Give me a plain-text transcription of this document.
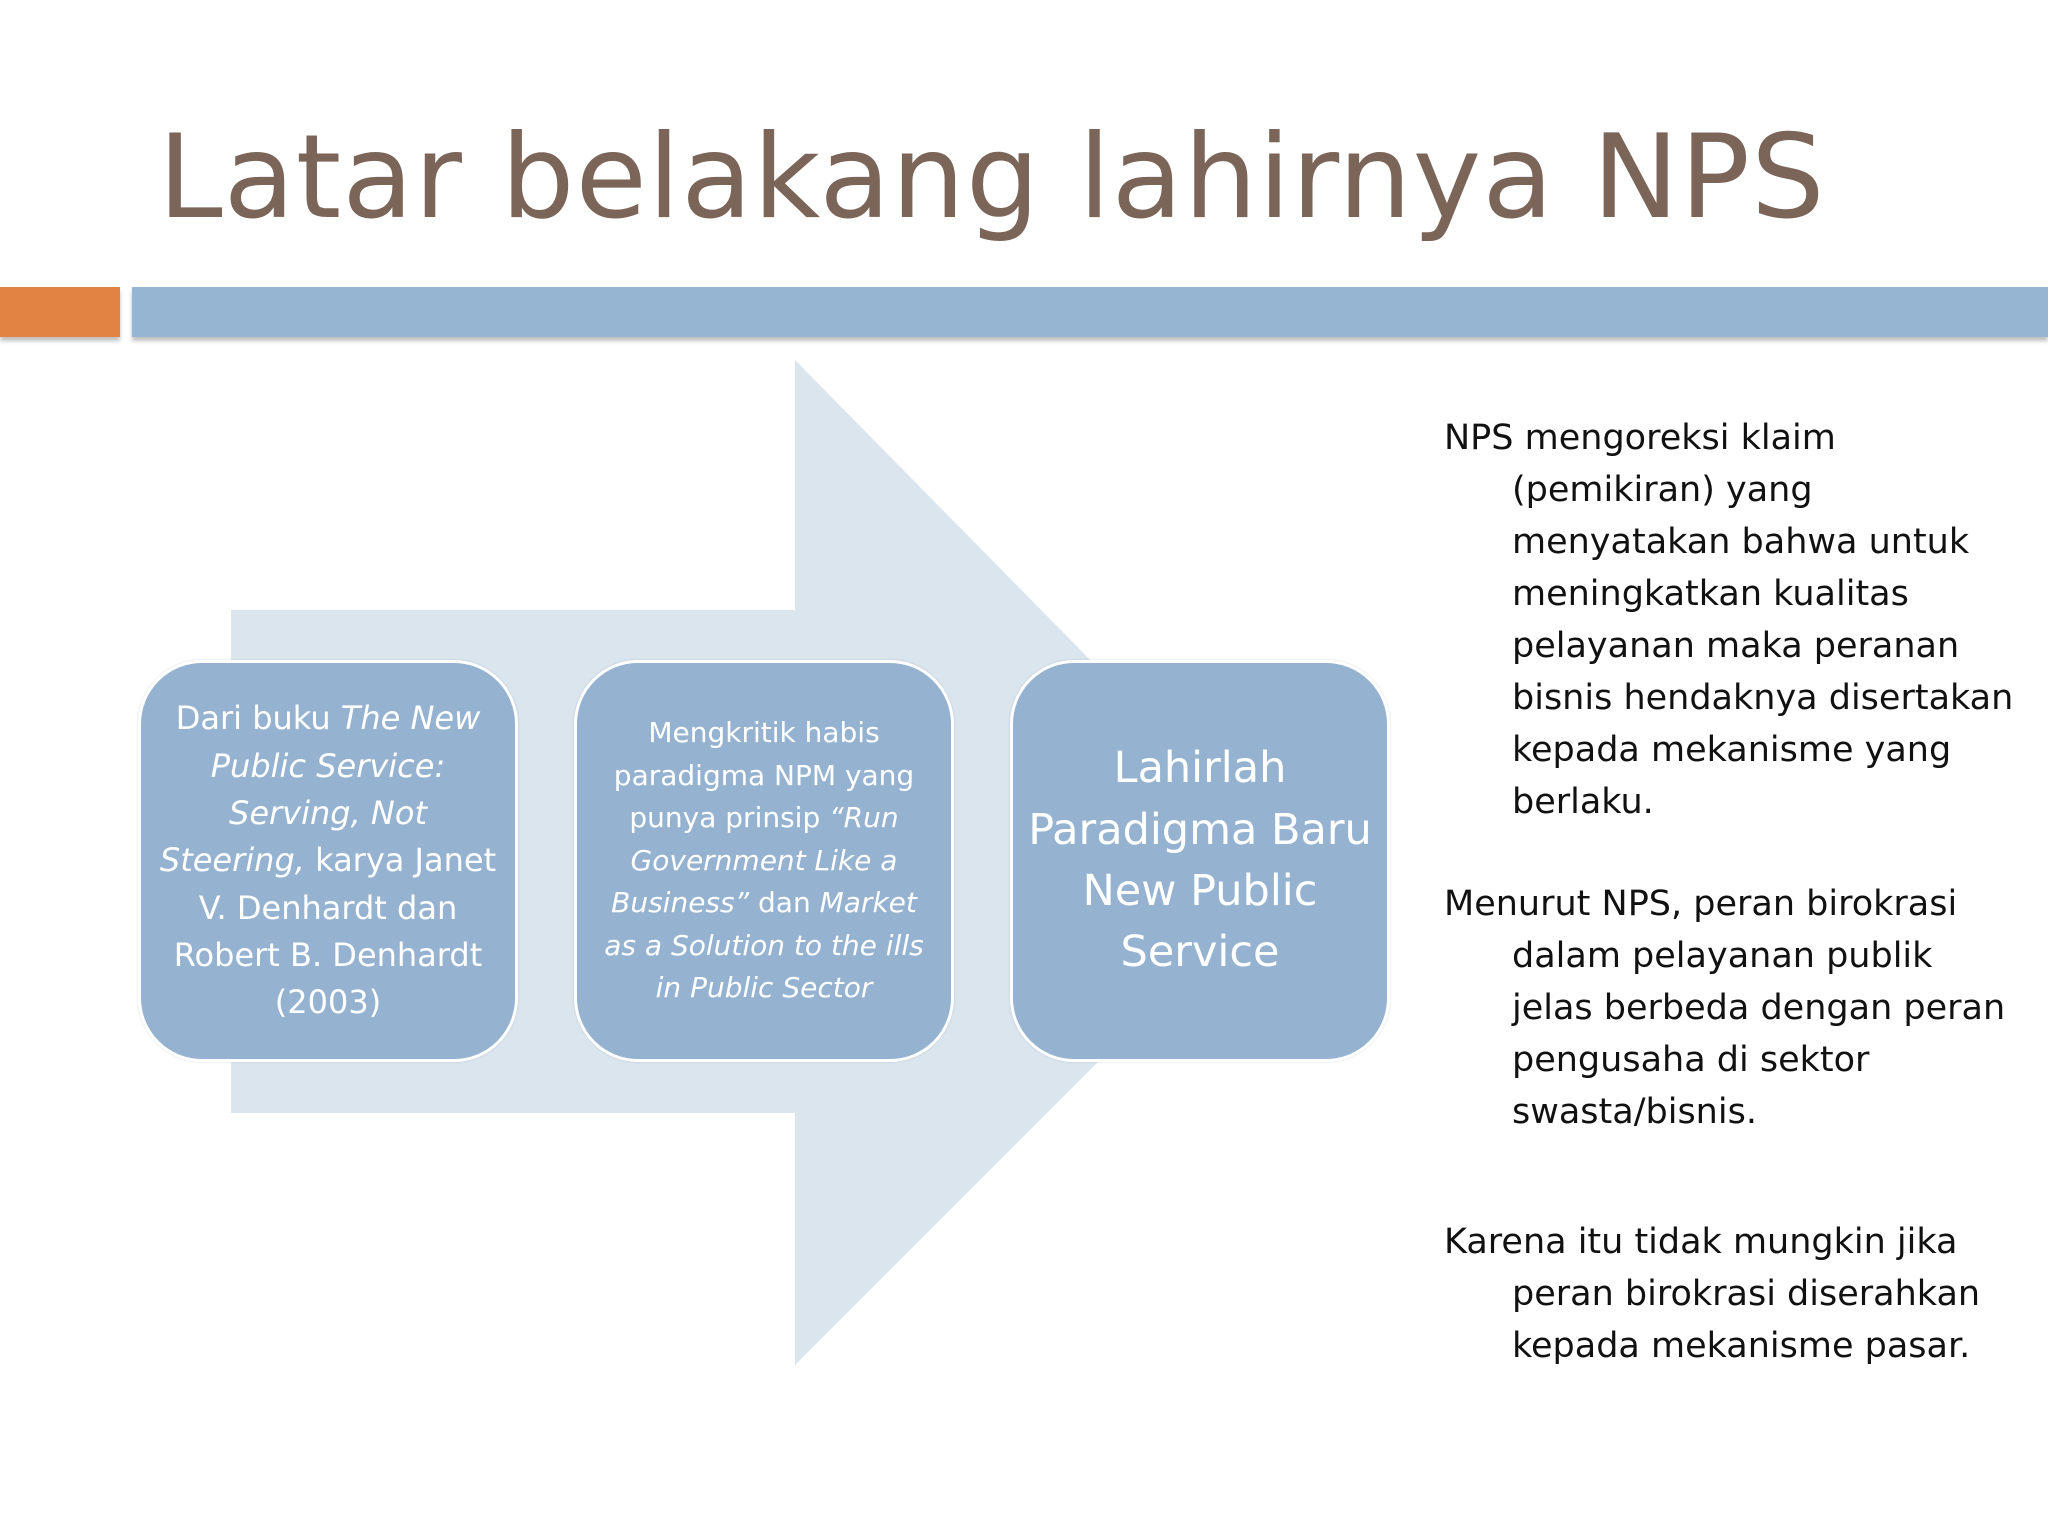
Latar belakang lahirnya NPS

Dari buku The New Public Service: Serving, Not Steering, karya Janet V. Denhardt dan Robert B. Denhardt (2003)

Mengkritik habis paradigma NPM yang punya prinsip “Run Government Like a Business” dan Market as a Solution to the ills in Public Sector

Lahirlah Paradigma Baru New Public Service

NPS mengoreksi klaim (pemikiran) yang menyatakan bahwa untuk meningkatkan kualitas pelayanan maka peranan bisnis hendaknya disertakan kepada mekanisme yang berlaku.

Menurut NPS, peran birokrasi dalam pelayanan publik jelas berbeda dengan peran pengusaha di sektor swasta/bisnis.

Karena itu tidak mungkin jika peran birokrasi diserahkan kepada mekanisme pasar.
